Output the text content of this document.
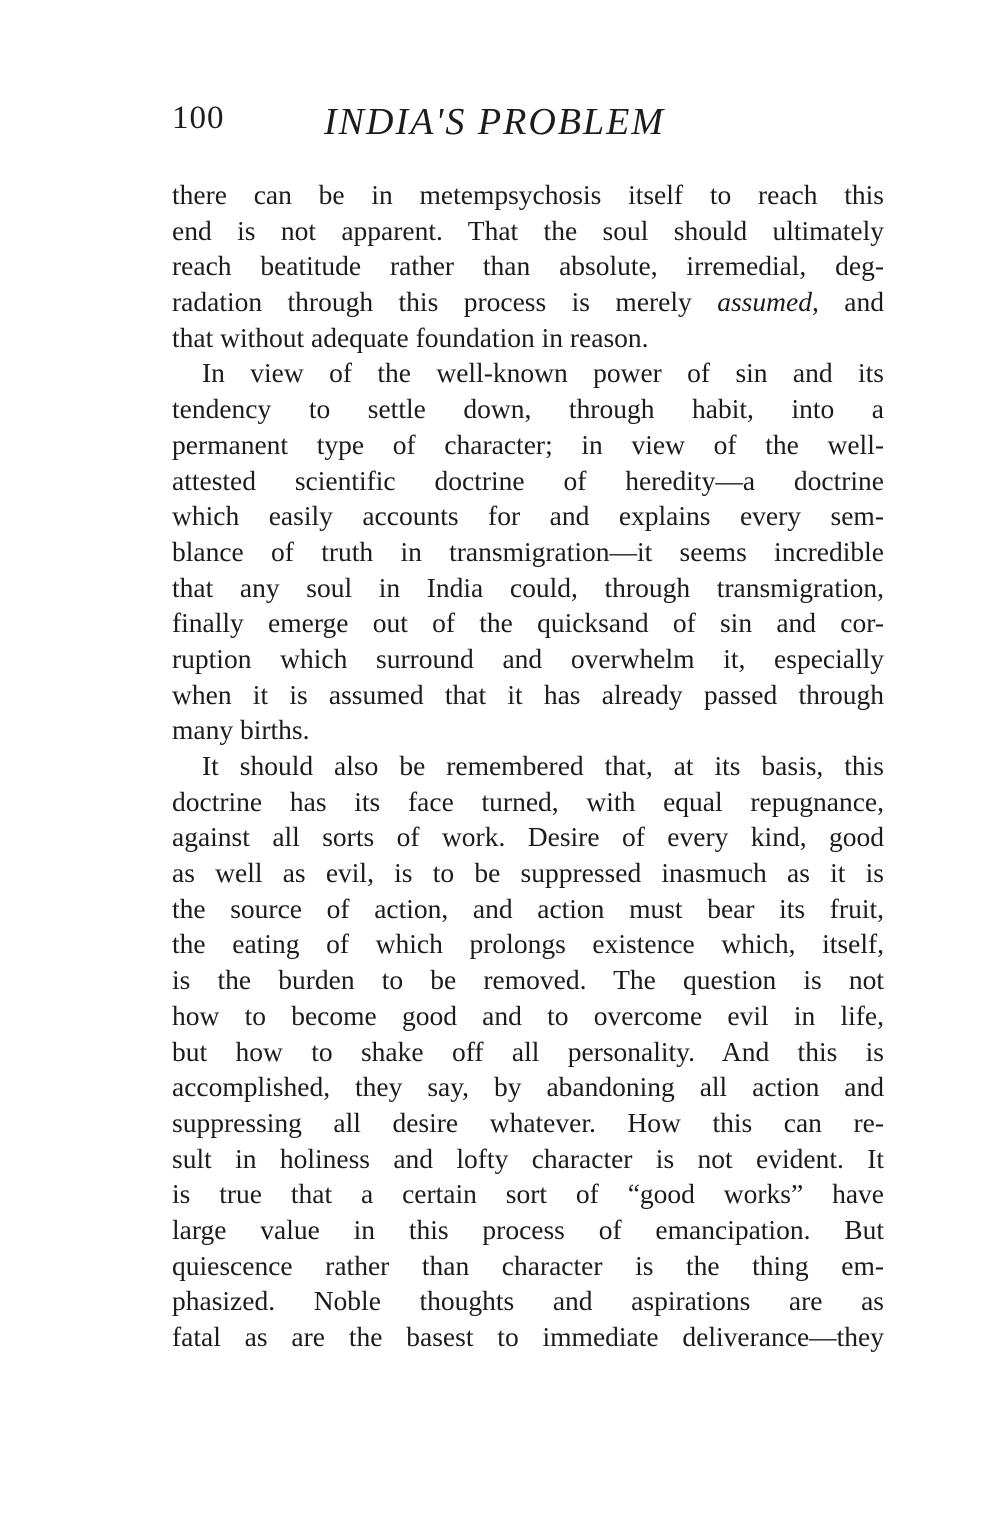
100	INDIA'S PROBLEM
there can be in metempsychosis itself to reach this
end is not apparent. That the soul should ultimately
reach beatitude rather than absolute, irremedial, deg-
radation through this process is merely assumed, and
that without adequate foundation in reason.
In view of the well-known power of sin and its
tendency to settle down, through habit, into a
permanent type of character; in view of the well-
attested scientific doctrine of heredity—a doctrine
which easily accounts for and explains every sem-
blance of truth in transmigration—it seems incredible
that any soul in India could, through transmigration,
finally emerge out of the quicksand of sin and cor-
ruption which surround and overwhelm it, especially
when it is assumed that it has already passed through
many births.
It should also be remembered that, at its basis, this
doctrine has its face turned, with equal repugnance,
against all sorts of work. Desire of every kind, good
as well as evil, is to be suppressed inasmuch as it is
the source of action, and action must bear its fruit,
the eating of which prolongs existence which, itself,
is the burden to be removed. The question is not
how to become good and to overcome evil in life,
but how to shake off all personality. And this is
accomplished, they say, by abandoning all action and
suppressing all desire whatever. How this can re-
sult in holiness and lofty character is not evident. It
is true that a certain sort of “good works” have
large value in this process of emancipation. But
quiescence rather than character is the thing em-
phasized. Noble thoughts and aspirations are as
fatal as are the basest to immediate deliverance—they
